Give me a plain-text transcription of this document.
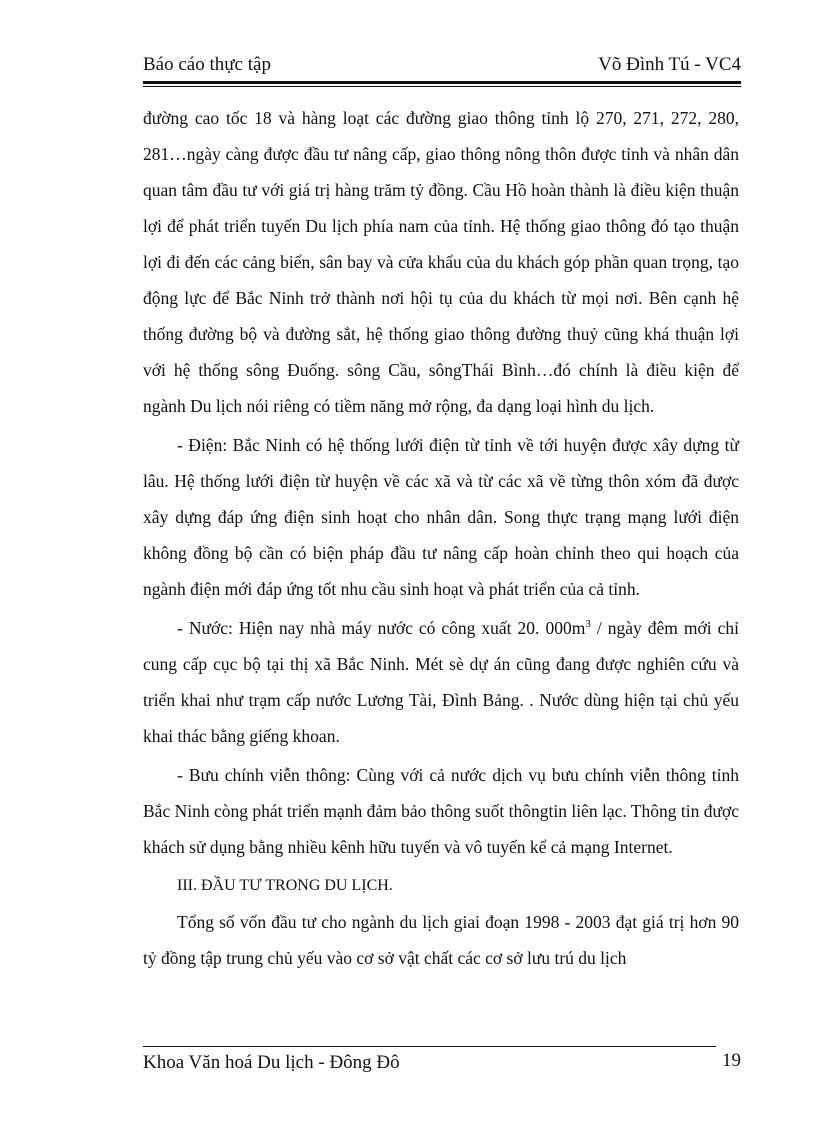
Báo cáo thực tập	Võ Đình Tú - VC4

đường cao tốc 18 và hàng loạt các đường giao thông tỉnh lộ 270, 271, 272, 280, 281…ngày càng được đầu tư nâng cấp, giao thông nông thôn được tỉnh và nhân dân quan tâm đầu tư với giá trị hàng trăm tỷ đồng. Cầu Hồ hoàn thành là điều kiện thuận lợi để phát triển tuyến Du lịch phía nam của tỉnh. Hệ thống giao thông đó tạo thuận lợi đi đến các cảng biển, sân bay và cửa khẩu của du khách góp phần quan trọng, tạo động lực để Bắc Ninh trở thành nơi hội tụ của du khách từ mọi nơi. Bên cạnh hệ thống đường bộ và đường sắt, hệ thống giao thông đường thuỷ cũng khá thuận lợi với hệ thống sông Đuống. sông Cầu, sôngThái Bình…đó chính là điều kiện để ngành Du lịch nói riêng có tiềm năng mở rộng, đa dạng loại hình du lịch.

- Điện: Bắc Ninh có hệ thống lưới điện từ tỉnh về tới huyện được xây dựng từ lâu. Hệ thống lưới điện từ huyện về các xã và từ các xã về từng thôn xóm đã được xây dựng đáp ứng điện sinh hoạt cho nhân dân. Song thực trạng mạng lưới điện không đồng bộ cần có biện pháp đầu tư nâng cấp hoàn chỉnh theo qui hoạch của ngành điện mới đáp ứng tốt nhu cầu sinh hoạt và phát triển của cả tỉnh.

- Nước: Hiện nay nhà máy nước có công xuất 20. $000m^3$ / ngày đêm mới chỉ cung cấp cục bộ tại thị xã Bắc Ninh. Mét sè dự án cũng đang được nghiên cứu và triển khai như trạm cấp nước Lương Tài, Đình Bảng. . Nước dùng hiện tại chủ yếu khai thác bằng giếng khoan.

- Bưu chính viễn thông: Cùng với cả nước dịch vụ bưu chính viễn thông tỉnh Bắc Ninh còng phát triển mạnh đảm bảo thông suốt thôngtin liên lạc. Thông tin được khách sử dụng bằng nhiều kênh hữu tuyến và vô tuyến kể cả mạng Internet.

III. ĐẦU TƯ TRONG DU LỊCH.

Tổng số vốn đầu tư cho ngành du lịch giai đoạn 1998 - 2003 đạt giá trị hơn 90 tỷ đồng tập trung chủ yếu vào cơ sở vật chất các cơ sở lưu trú du lịch

Khoa Văn hoá Du lịch - Đông Đô	19
